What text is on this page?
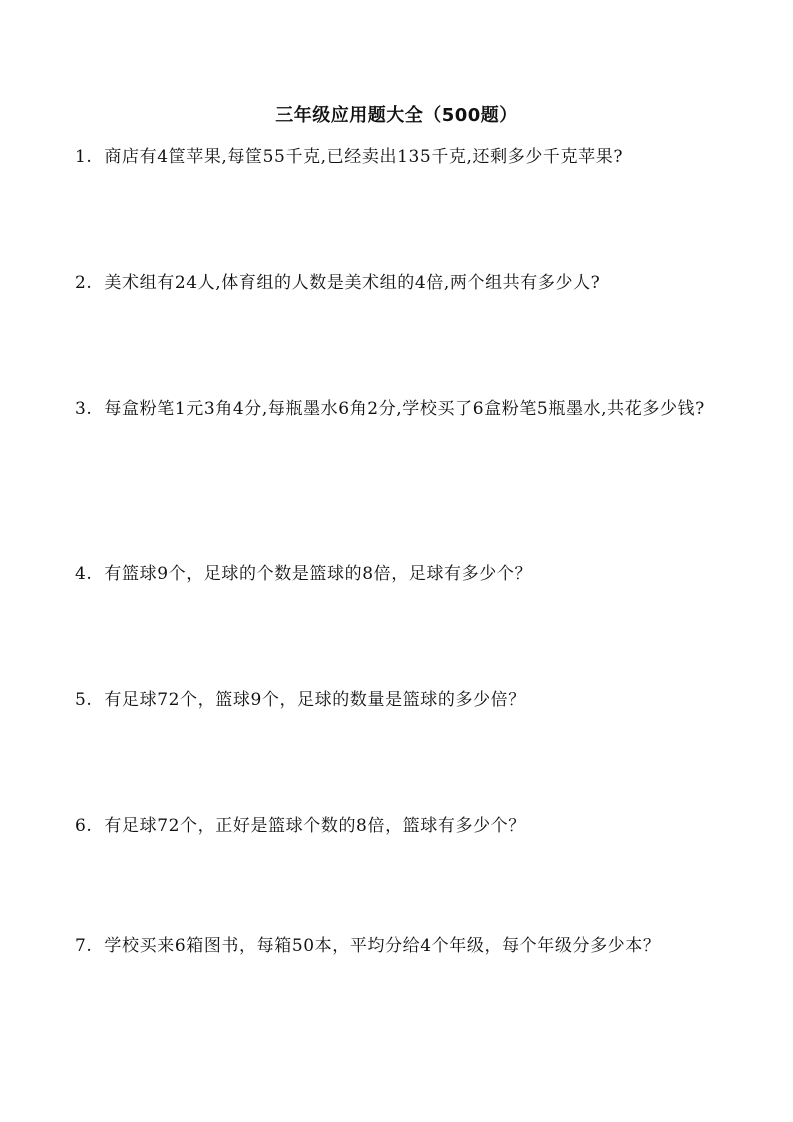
三年级应用题大全（500题）
1. 商店有4筐苹果,每筐55千克,已经卖出135千克,还剩多少千克苹果?
2. 美术组有24人,体育组的人数是美术组的4倍,两个组共有多少人?
3. 每盒粉笔1元3角4分,每瓶墨水6角2分,学校买了6盒粉笔5瓶墨水,共花多少钱?
4. 有篮球9个，足球的个数是篮球的8倍，足球有多少个？
5. 有足球72个，篮球9个，足球的数量是篮球的多少倍？
6. 有足球72个，正好是篮球个数的8倍，篮球有多少个？
7. 学校买来6箱图书，每箱50本，平均分给4个年级，每个年级分多少本？
